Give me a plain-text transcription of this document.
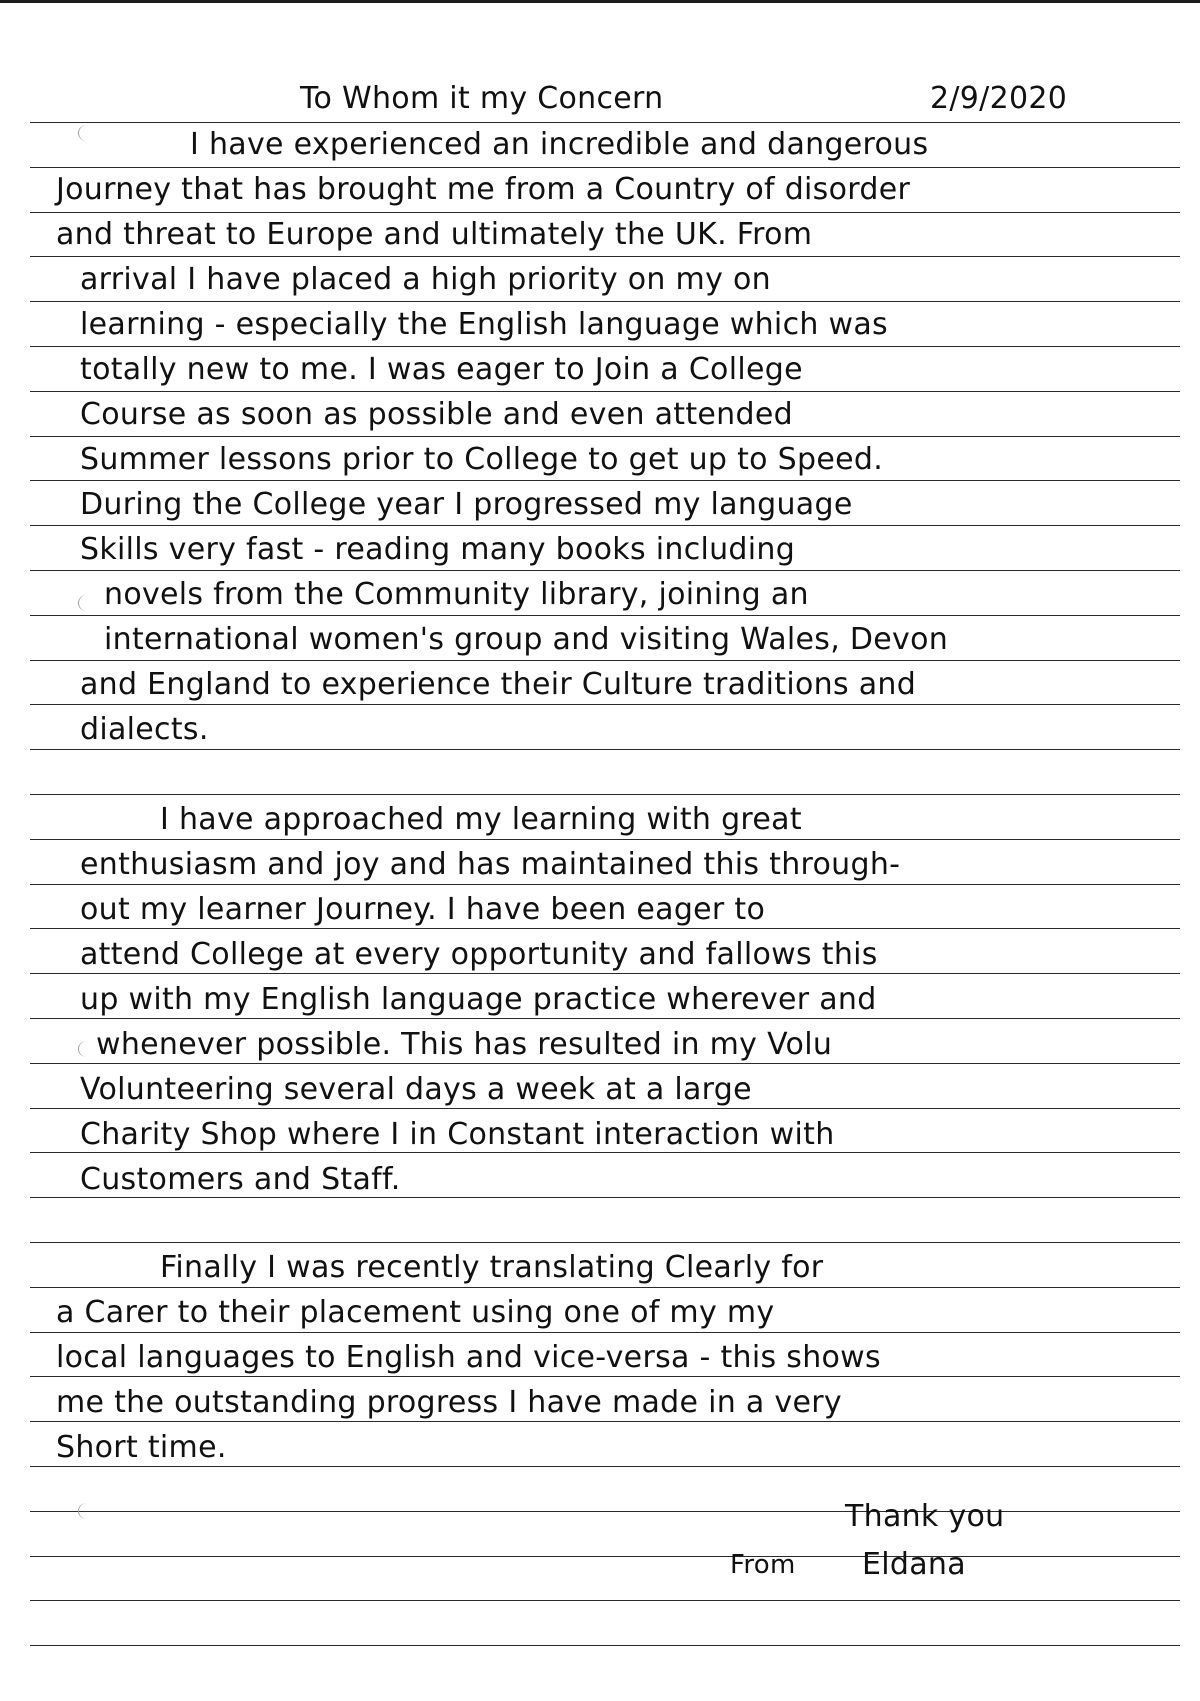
To Whom it my Concern	2/9/2020

I have experienced an incredible and dangerous

Journey that has brought me from a Country of disorder

and threat to Europe and ultimately the UK. From

arrival I have placed a high priority on my on

learning - especially the English language which was

totally new to me. I was eager to Join a College

Course as soon as possible and even attended

Summer lessons prior to College to get up to Speed.

During the College year I progressed my language

Skills very fast - reading many books including

novels from the Community library, joining an

international women's group and visiting Wales, Devon

and England to experience their Culture traditions and

dialects.

I have approached my learning with great

enthusiasm and joy and has maintained this through-

out my learner Journey. I have been eager to

attend College at every opportunity and fallows this

up with my English language practice wherever and

whenever possible. This has resulted in my Volu

Volunteering several days a week at a large

Charity Shop where I in Constant interaction with

Customers and Staff.

Finally I was recently translating Clearly for

a Carer to their placement using one of my my

local languages to English and vice-versa - this shows

me the outstanding progress I have made in a very

Short time.

Thank you

From Eldana
